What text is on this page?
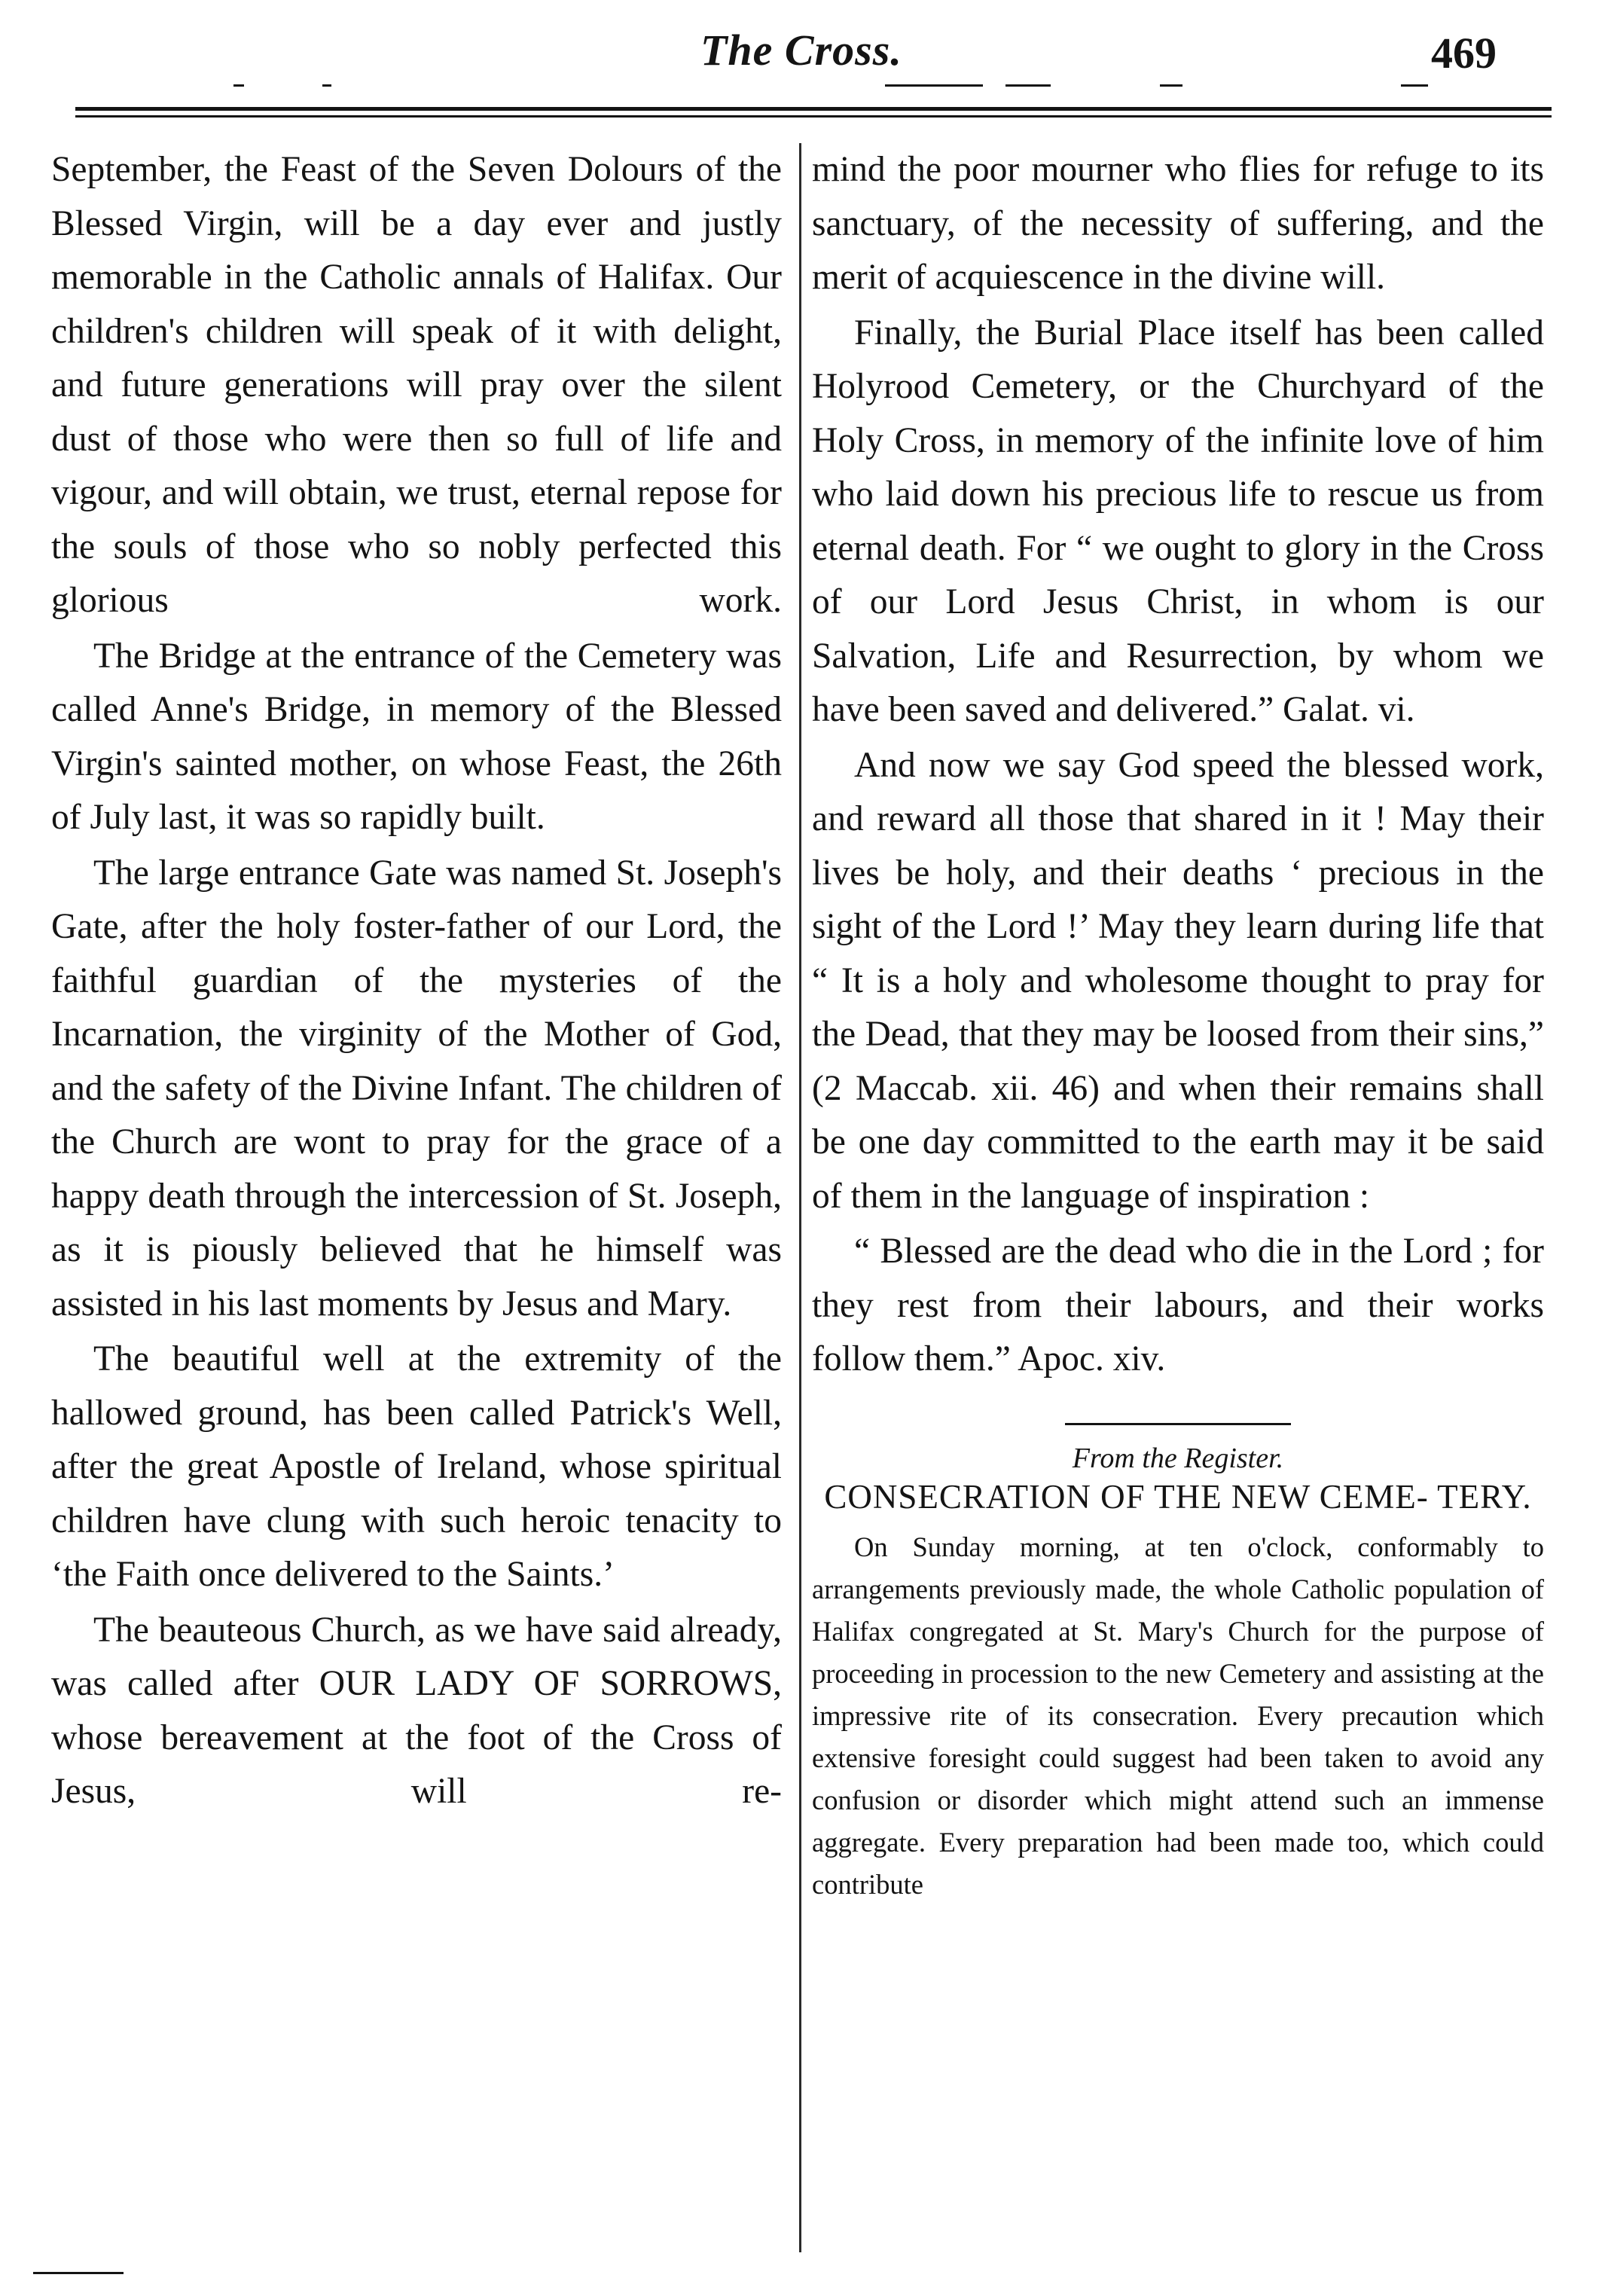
The Cross.	469

September, the Feast of the Seven Dolours of the Blessed Virgin, will be a day ever and justly memorable in the Catholic annals of Halifax. Our children's children will speak of it with delight, and future generations will pray over the silent dust of those who were then so full of life and vigour, and will obtain, we trust, eternal repose for the souls of those who so nobly perfected this glorious work.

The Bridge at the entrance of the Cemetery was called Anne's Bridge, in memory of the Blessed Virgin's sainted mother, on whose Feast, the 26th of July last, it was so rapidly built.

The large entrance Gate was named St. Joseph's Gate, after the holy foster-father of our Lord, the faithful guardian of the mysteries of the Incarnation, the virginity of the Mother of God, and the safety of the Divine Infant. The children of the Church are wont to pray for the grace of a happy death through the intercession of St. Joseph, as it is piously believed that he himself was assisted in his last moments by Jesus and Mary.

The beautiful well at the extremity of the hallowed ground, has been called Patrick's Well, after the great Apostle of Ireland, whose spiritual children have clung with such heroic tenacity to ‘the Faith once delivered to the Saints.’

The beauteous Church, as we have said already, was called after OUR LADY OF SORROWS, whose bereavement at the foot of the Cross of Jesus, will re-

mind the poor mourner who flies for refuge to its sanctuary, of the necessity of suffering, and the merit of acquiescence in the divine will.

Finally, the Burial Place itself has been called Holyrood Cemetery, or the Churchyard of the Holy Cross, in memory of the infinite love of him who laid down his precious life to rescue us from eternal death. For “ we ought to glory in the Cross of our Lord Jesus Christ, in whom is our Salvation, Life and Resurrection, by whom we have been saved and delivered.” Galat. vi.

And now we say God speed the blessed work, and reward all those that shared in it ! May their lives be holy, and their deaths ‘ precious in the sight of the Lord !’ May they learn during life that “ It is a holy and wholesome thought to pray for the Dead, that they may be loosed from their sins,” (2 Maccab. xii. 46) and when their remains shall be one day committed to the earth may it be said of them in the language of inspiration :

“ Blessed are the dead who die in the Lord ; for they rest from their labours, and their works follow them.” Apoc. xiv.

From the Register.

CONSECRATION OF THE NEW CEME- TERY.

On Sunday morning, at ten o'clock, conformably to arrangements previously made, the whole Catholic population of Halifax congregated at St. Mary's Church for the purpose of proceeding in procession to the new Cemetery and assisting at the impressive rite of its consecration. Every precaution which extensive foresight could suggest had been taken to avoid any confusion or disorder which might attend such an immense aggregate. Every preparation had been made too, which could contribute
